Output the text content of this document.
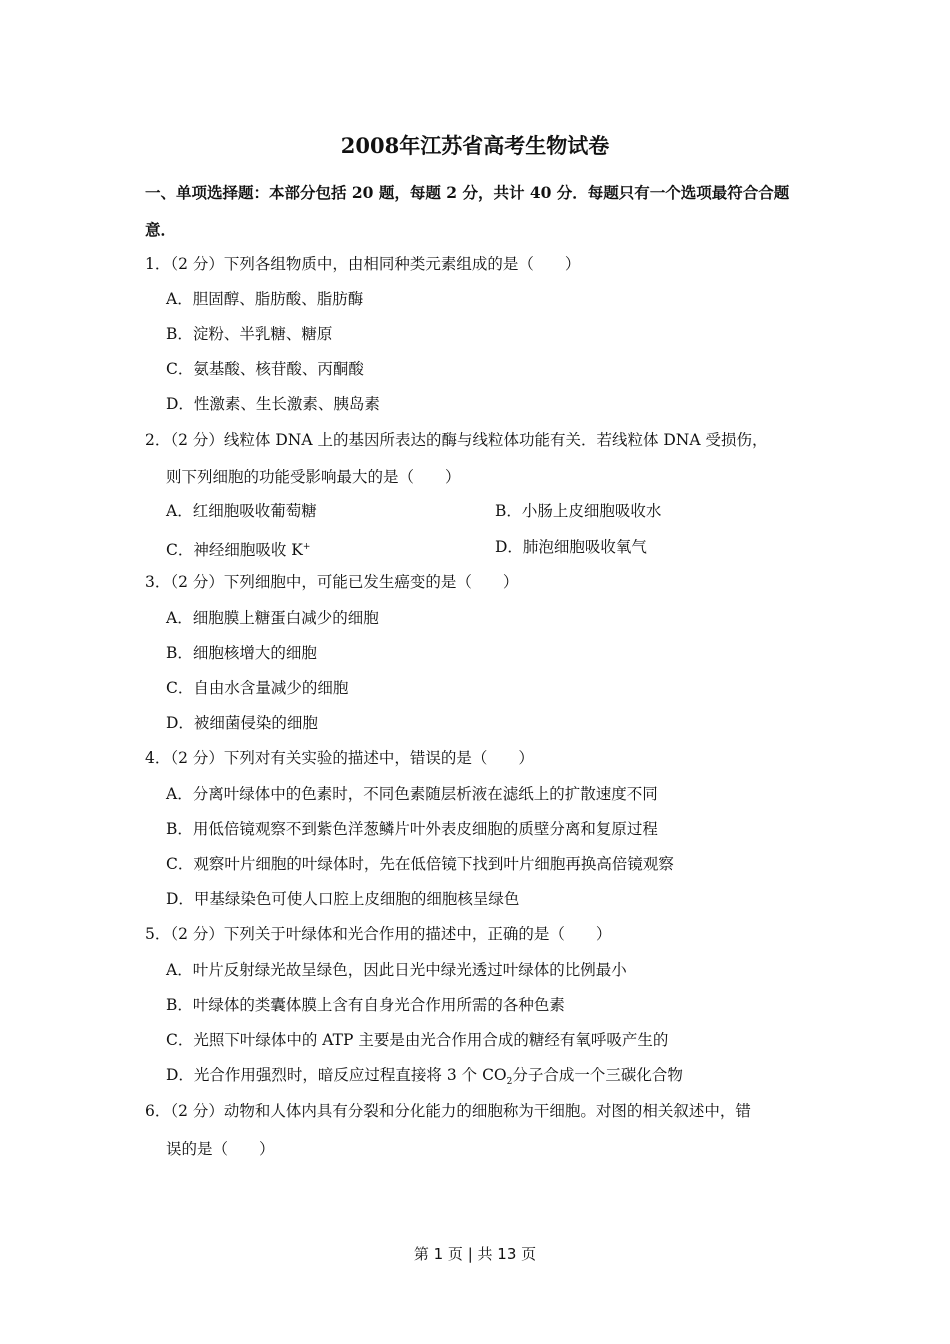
2008年江苏省高考生物试卷
一、单项选择题：本部分包括 20 题，每题 2 分，共计 40 分．每题只有一个选项最符合合题
意．
1．（2 分）下列各组物质中，由相同种类元素组成的是（　　）
A．胆固醇、脂肪酸、脂肪酶
B．淀粉、半乳糖、糖原
C．氨基酸、核苷酸、丙酮酸
D．性激素、生长激素、胰岛素
2．（2 分）线粒体 DNA 上的基因所表达的酶与线粒体功能有关．若线粒体 DNA 受损伤，
则下列细胞的功能受影响最大的是（　　）
A．红细胞吸收葡萄糖	B．小肠上皮细胞吸收水
C．神经细胞吸收 K+	D．肺泡细胞吸收氧气
3．（2 分）下列细胞中，可能已发生癌变的是（　　）
A．细胞膜上糖蛋白减少的细胞
B．细胞核增大的细胞
C．自由水含量减少的细胞
D．被细菌侵染的细胞
4．（2 分）下列对有关实验的描述中，错误的是（　　）
A．分离叶绿体中的色素时，不同色素随层析液在滤纸上的扩散速度不同
B．用低倍镜观察不到紫色洋葱鳞片叶外表皮细胞的质壁分离和复原过程
C．观察叶片细胞的叶绿体时，先在低倍镜下找到叶片细胞再换高倍镜观察
D．甲基绿染色可使人口腔上皮细胞的细胞核呈绿色
5．（2 分）下列关于叶绿体和光合作用的描述中，正确的是（　　）
A．叶片反射绿光故呈绿色，因此日光中绿光透过叶绿体的比例最小
B．叶绿体的类囊体膜上含有自身光合作用所需的各种色素
C．光照下叶绿体中的 ATP 主要是由光合作用合成的糖经有氧呼吸产生的
D．光合作用强烈时，暗反应过程直接将 3 个 $CO_2$分子合成一个三碳化合物
6．（2 分）动物和人体内具有分裂和分化能力的细胞称为干细胞。对图的相关叙述中，错
误的是（　　）
第 1 页 | 共 13 页
